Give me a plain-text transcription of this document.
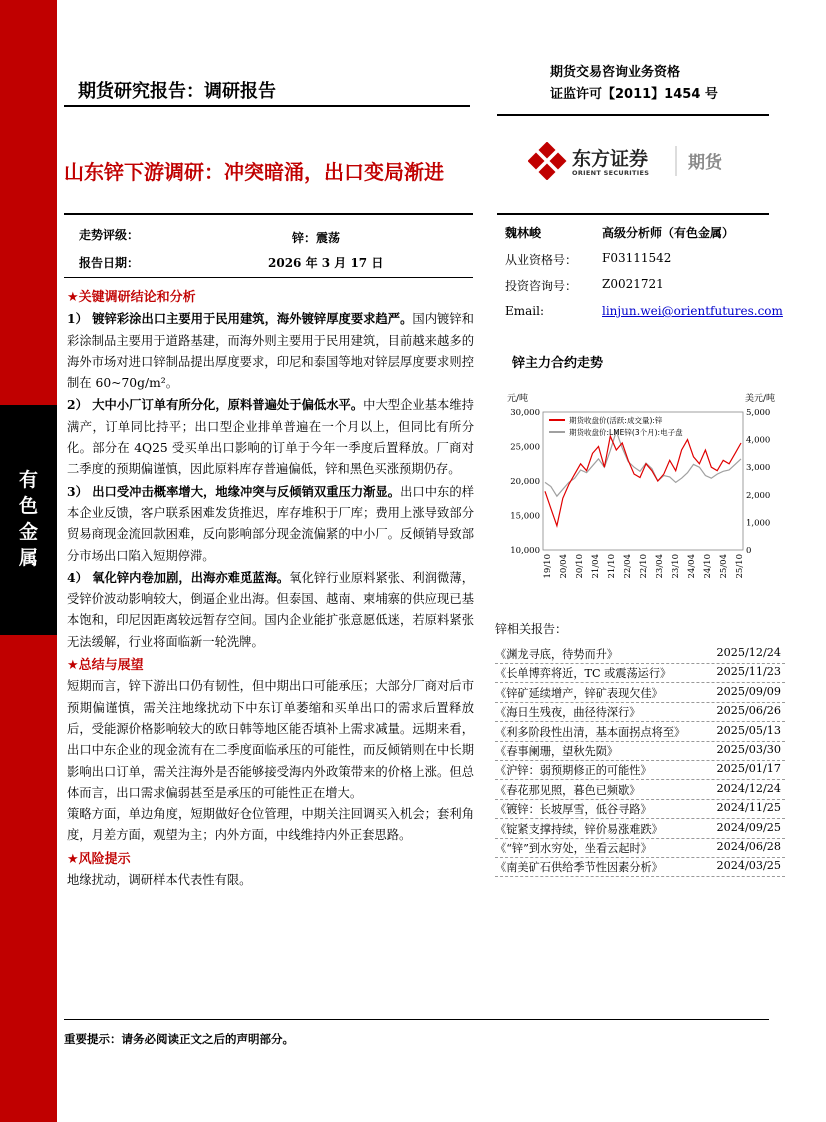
有
色
金
属
期货研究报告：调研报告
期货交易咨询业务资格
证监许可【2011】1454 号
山东锌下游调研：冲突暗涌，出口变局渐进
东方证券
ORIENT SECURITIES 期货
走势评级：	锌：震荡
报告日期：	2026 年 3 月 17 日
魏林峻	高级分析师（有色金属）
从业资格号： F03111542
投资咨询号： Z0021721
Email:	linjun.wei@orientfutures.com

★关键调研结论和分析

1） 镀锌彩涂出口主要用于民用建筑，海外镀锌厚度要求趋严。国内镀锌和彩涂制品主要用于道路基建，而海外则主要用于民用建筑，目前越来越多的海外市场对进口锌制品提出厚度要求，印尼和泰国等地对锌层厚度要求则控制在 60~70g/m²。

2） 大中小厂订单有所分化，原料普遍处于偏低水平。中大型企业基本维持满产，订单同比持平；出口型企业排单普遍在一个月以上，但同比有所分化。部分在 4Q25 受买单出口影响的订单于今年一季度后置释放。厂商对二季度的预期偏谨慎，因此原料库存普遍偏低，锌和黑色买涨预期仍存。

3） 出口受冲击概率增大，地缘冲突与反倾销双重压力渐显。出口中东的样本企业反馈，客户联系困难发货推迟，库存堆积于厂库；费用上涨导致部分贸易商现金流回款困难，反向影响部分现金流偏紧的中小厂。反倾销导致部分市场出口陷入短期停滞。

4） 氧化锌内卷加剧，出海亦难觅蓝海。氧化锌行业原料紧张、利润微薄，受锌价波动影响较大，倒逼企业出海。但泰国、越南、柬埔寨的供应现已基本饱和，印尼因距离较远暂存空间。国内企业能扩张意愿低迷，若原料紧张无法缓解，行业将面临新一轮洗牌。

★总结与展望

短期而言，锌下游出口仍有韧性，但中期出口可能承压；大部分厂商对后市预期偏谨慎，需关注地缘扰动下中东订单萎缩和买单出口的需求后置释放后，受能源价格影响较大的欧日韩等地区能否填补上需求减量。远期来看，出口中东企业的现金流有在二季度面临承压的可能性，而反倾销则在中长期影响出口订单，需关注海外是否能够接受海内外政策带来的价格上涨。但总体而言，出口需求偏弱甚至是承压的可能性正在增大。

策略方面，单边角度，短期做好仓位管理，中期关注回调买入机会；套利角度，月差方面，观望为主；内外方面，中线维持内外正套思路。

★风险提示

地缘扰动，调研样本代表性有限。

锌主力合约走势
元/吨	美元/吨
30,000
25,000
20,000
15,000
10,000
5,000
4,000
3,000
2,000
1,000
0
19/10 20/04 20/10 21/04 21/10 22/04 22/10 23/04 23/10 24/04 24/10 25/04 25/10
期货收盘价(活跃:成交量):锌
期货收盘价:LME锌(3个月):电子盘
锌相关报告：
《渊龙寻底，待势而升》	2025/12/24
《长单博弈将近，TC 或震荡运行》	2025/11/23
《锌矿延续增产，锌矿表现欠佳》	2025/09/09
《海日生残夜，曲径待深行》	2025/06/26
《利多阶段性出清，基本面拐点将至》	2025/05/13
《春事阑珊，望秋先陨》	2025/03/30
《沪锌：弱预期修正的可能性》	2025/01/17
《春花那见照，暮色已频歇》	2024/12/24
《镀锌：长坡厚雪，低谷寻路》	2024/11/25
《锭紧支撑持续，锌价易涨难跌》	2024/09/25
《“锌”到水穷处，坐看云起时》	2024/06/28
《南美矿石供给季节性因素分析》	2024/03/25
重要提示：请务必阅读正文之后的声明部分。
